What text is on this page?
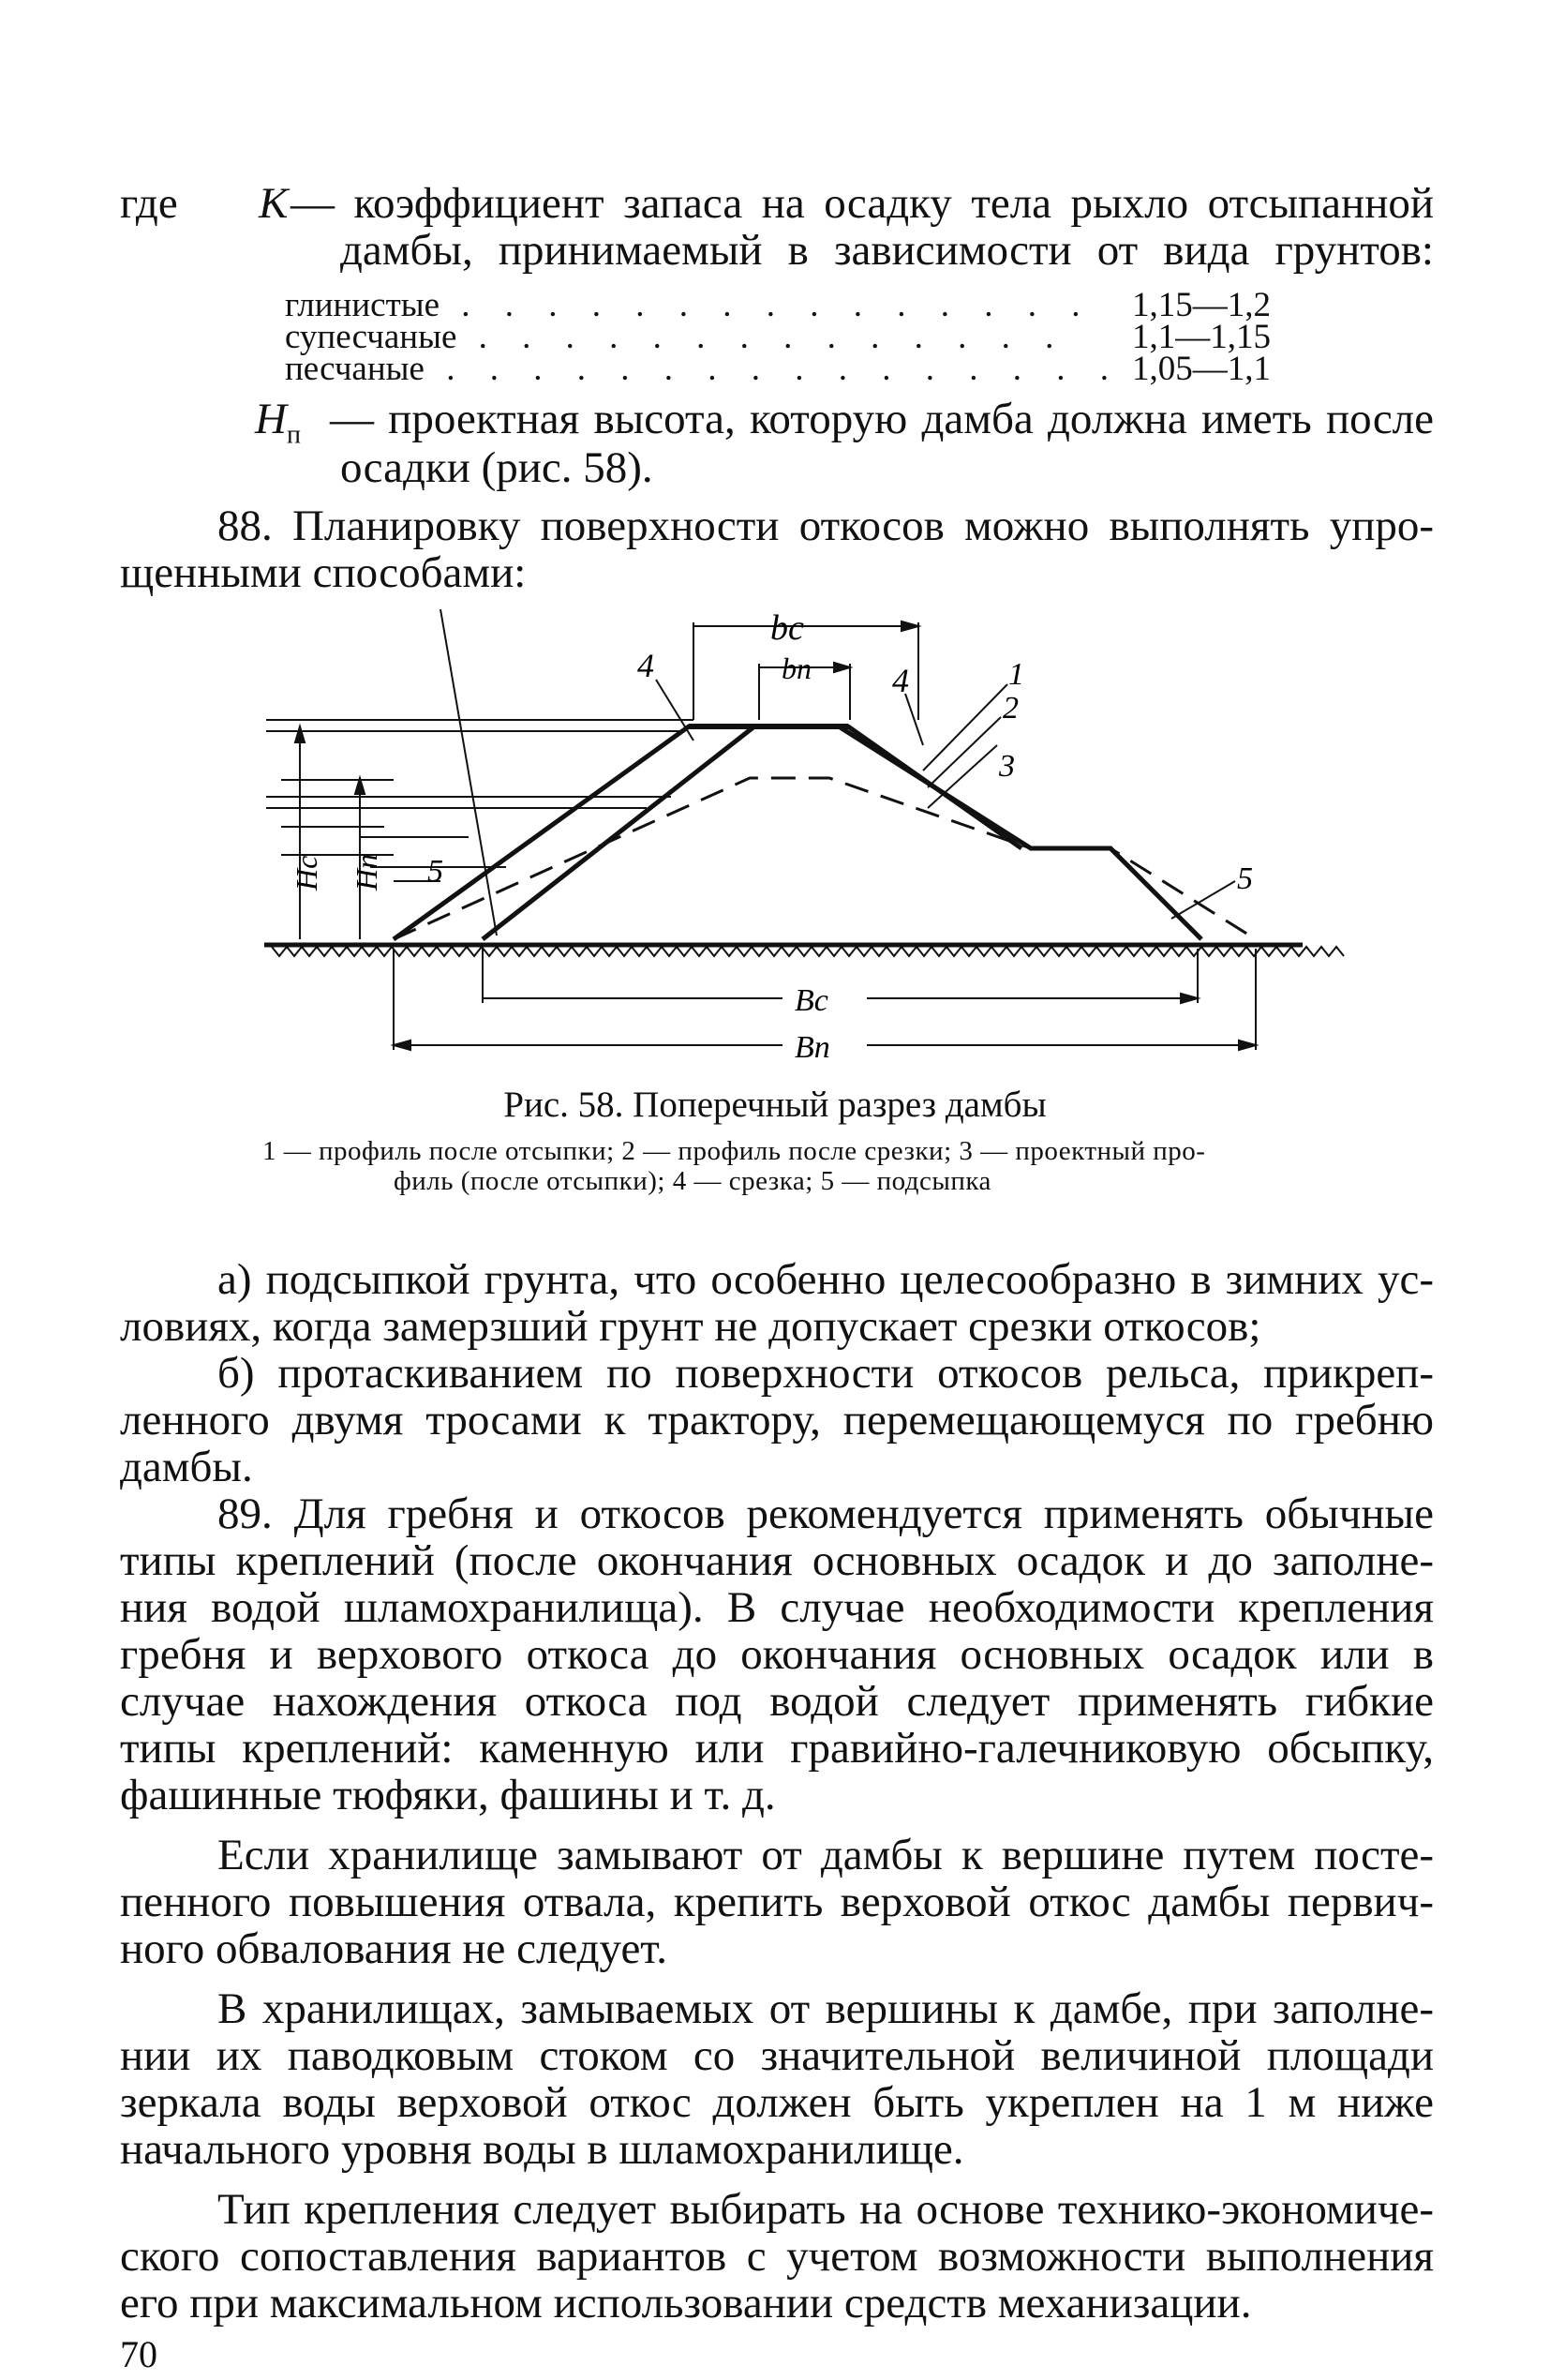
где К — коэффициент запаса на осадку тела рыхло отсыпанной
дамбы, принимаемый в зависимости от вида грунтов:
глинистые . . . . . . . . . . . . . . . 1,15—1,2
супесчаные . . . . . . . . . . . . . . 1,1—1,15
песчаные . . . . . . . . . . . . . . . . 1,05—1,1
$Н_п$ — проектная высота, которую дамба должна иметь после
осадки (рис. 58).
88. Планировку поверхности откосов можно выполнять упро-
щенными способами:
bc
bп
4	4	1
2
3
5	5
Нс Нп
Вс
Вп
Рис. 58. Поперечный разрез дамбы
1 — профиль после отсыпки; 2 — профиль после срезки; 3 — проектный про-
филь (после отсыпки); 4 — срезка; 5 — подсыпка
а) подсыпкой грунта, что особенно целесообразно в зимних ус-
ловиях, когда замерзший грунт не допускает срезки откосов;
б) протаскиванием по поверхности откосов рельса, прикреп-
ленного двумя тросами к трактору, перемещающемуся по гребню
дамбы.
89. Для гребня и откосов рекомендуется применять обычные
типы креплений (после окончания основных осадок и до заполне-
ния водой шламохранилища). В случае необходимости крепления
гребня и верхового откоса до окончания основных осадок или в
случае нахождения откоса под водой следует применять гибкие
типы креплений: каменную или гравийно-галечниковую обсыпку,
фашинные тюфяки, фашины и т. д.
Если хранилище замывают от дамбы к вершине путем посте-
пенного повышения отвала, крепить верховой откос дамбы первич-
ного обвалования не следует.
В хранилищах, замываемых от вершины к дамбе, при заполне-
нии их паводковым стоком со значительной величиной площади
зеркала воды верховой откос должен быть укреплен на 1 м ниже
начального уровня воды в шламохранилище.
Тип крепления следует выбирать на основе технико-экономиче-
ского сопоставления вариантов с учетом возможности выполнения
его при максимальном использовании средств механизации.
70
